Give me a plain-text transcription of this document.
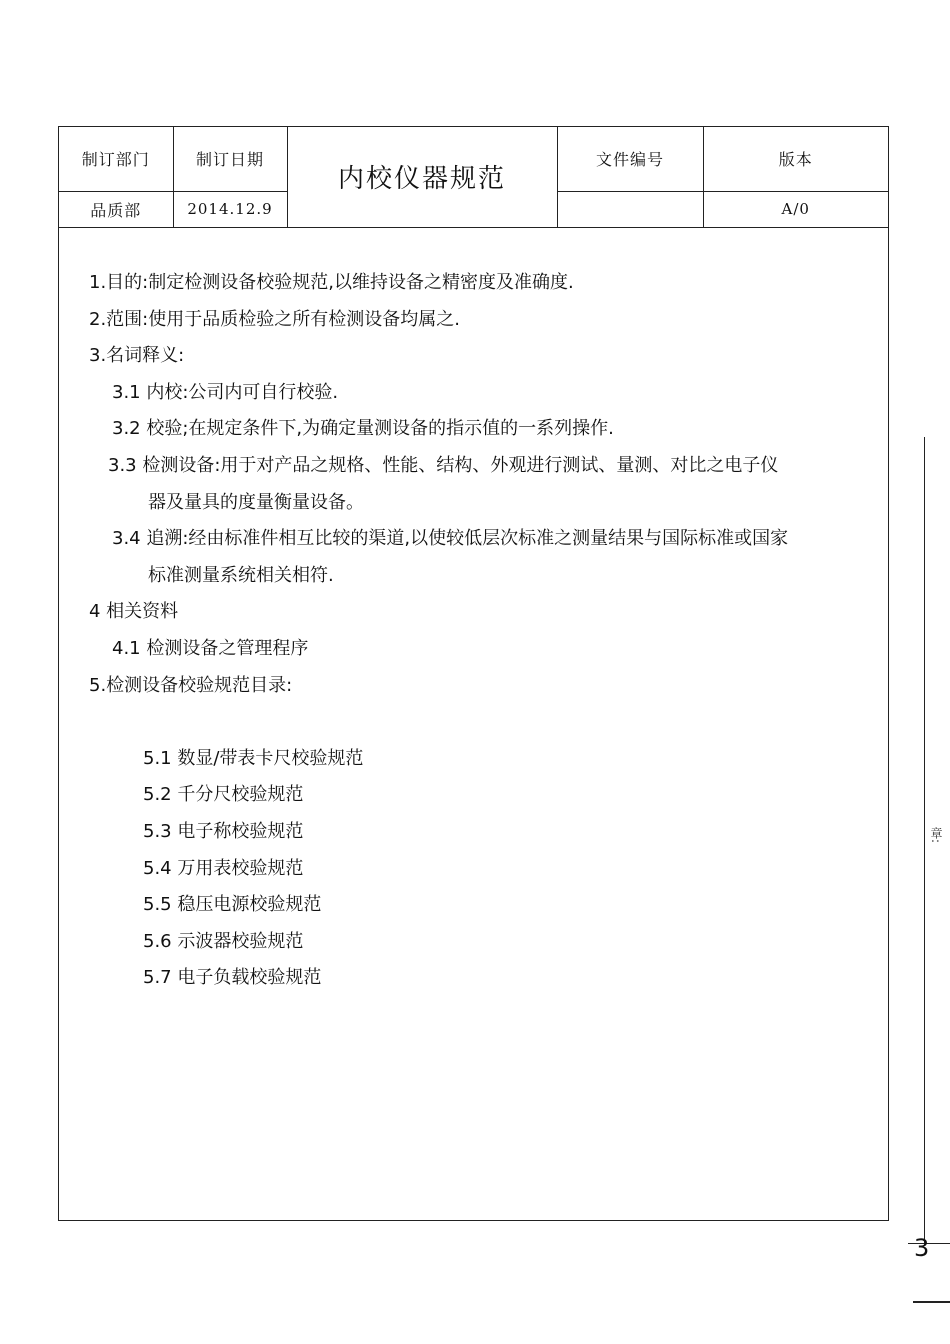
制订部门	制订日期	内校仪器规范	文件编号	版本
品质部	2014.12.9			A/0
1.目的:制定检测设备校验规范,以维持设备之精密度及准确度.
2.范围:使用于品质检验之所有检测设备均属之.
3.名词释义:
3.1 内校:公司内可自行校验.
3.2 校验;在规定条件下,为确定量测设备的指示值的一系列操作.
3.3 检测设备:用于对产品之规格、性能、结构、外观进行测试、量测、对比之电子仪
器及量具的度量衡量设备。
3.4 追溯:经由标准件相互比较的渠道,以使较低层次标准之测量结果与国际标准或国家
标准测量系统相关相符.
4 相关资料
4.1 检测设备之管理程序
5.检测设备校验规范目录:
5.1 数显/带表卡尺校验规范
5.2 千分尺校验规范
5.3 电子称校验规范
5.4 万用表校验规范
5.5 稳压电源校验规范
5.6 示波器校验规范
5.7 电子负载校验规范
章:
3
